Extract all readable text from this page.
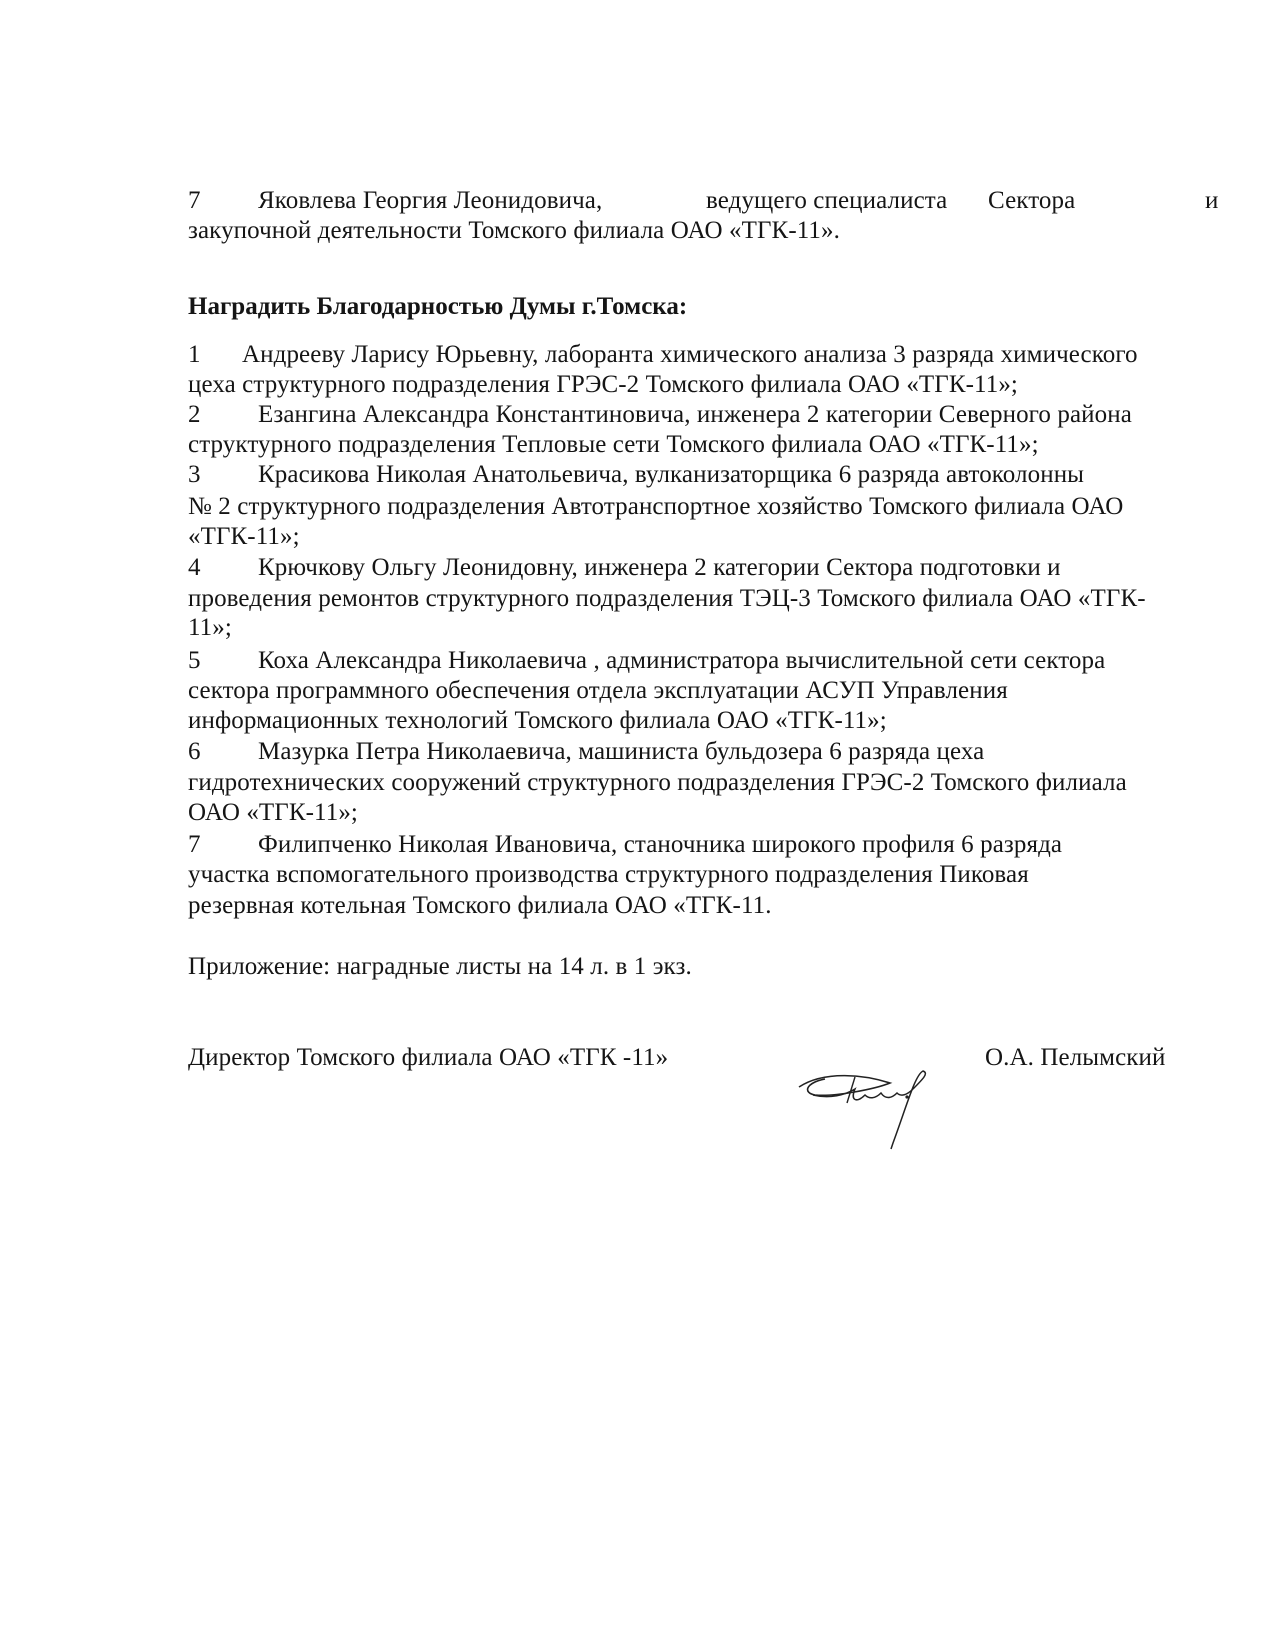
7 Яковлева Георгия Леонидовича,	ведущего специалиста Сектора	и
закупочной деятельности Томского филиала ОАО «ТГК-11».
Наградить Благодарностью Думы г.Томска:
1 Андрееву Ларису Юрьевну, лаборанта химического анализа 3 разряда химического
цеха структурного подразделения ГРЭС-2 Томского филиала ОАО «ТГК-11»;
2 Езангина Александра Константиновича, инженера 2 категории Северного района
структурного подразделения Тепловые сети Томского филиала ОАО «ТГК-11»;
3 Красикова Николая Анатольевича, вулканизаторщика 6 разряда автоколонны
№ 2 структурного подразделения Автотранспортное хозяйство Томского филиала ОАО
«ТГК-11»;
4 Крючкову Ольгу Леонидовну, инженера 2 категории Сектора подготовки и
проведения ремонтов структурного подразделения ТЭЦ-3 Томского филиала ОАО «ТГК-
11»;
5 Коха Александра Николаевича , администратора вычислительной сети сектора
сектора программного обеспечения отдела эксплуатации АСУП Управления
информационных технологий Томского филиала ОАО «ТГК-11»;
6 Мазурка Петра Николаевича, машиниста бульдозера 6 разряда цеха
гидротехнических сооружений структурного подразделения ГРЭС-2 Томского филиала
ОАО «ТГК-11»;
7 Филипченко Николая Ивановича, станочника широкого профиля 6 разряда
участка вспомогательного производства структурного подразделения Пиковая
резервная котельная Томского филиала ОАО «ТГК-11.
Приложение: наградные листы на 14 л. в 1 экз.
Директор Томского филиала ОАО «ТГК -11»	О.А. Пелымский
